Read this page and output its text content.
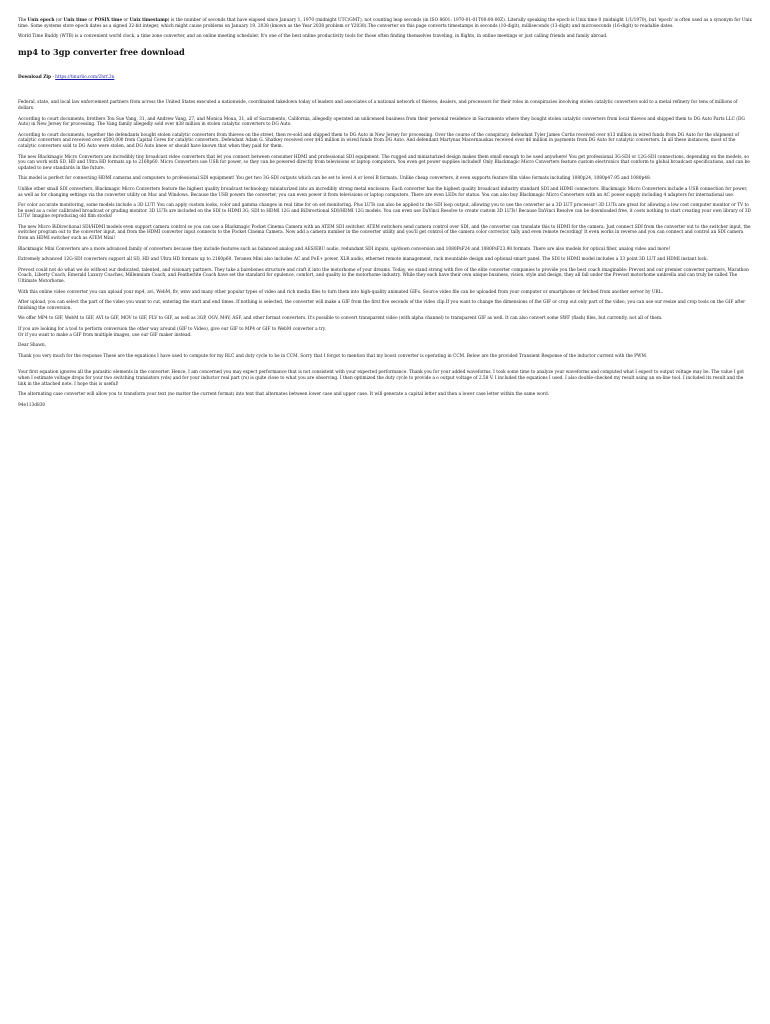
The Unix epoch (or Unix time or POSIX time or Unix timestamp) is the number of seconds that have elapsed since January 1, 1970 (midnight UTC/GMT), not counting leap seconds (in ISO 8601: 1970-01-01T00:00:00Z). Literally speaking the epoch is Unix time 0 (midnight 1/1/1970), but 'epoch' is often used as a synonym for Unix time. Some systems store epoch dates as a signed 32-bit integer, which might cause problems on January 19, 2038 (known as the Year 2038 problem or Y2038).The converter on this page converts timestamps in seconds (10-digit), milliseconds (13-digit) and microseconds (16-digit) to readable dates.

World Time Buddy (WTB) is a convenient world clock, a time zone converter, and an online meeting scheduler. It's one of the best online productivity tools for those often finding themselves traveling, in flights, in online meetings or just calling friends and family abroad.

mp4 to 3gp converter free download
Download Zip - https://tinurlio.com/2hrf.3n

Federal, state, and local law enforcement partners from across the United States executed a nationwide, coordinated takedown today of leaders and associates of a national network of thieves, dealers, and processors for their roles in conspiracies involving stolen catalytic converters sold to a metal refinery for tens of millions of dollars.

According to court documents, brothers Tou Sue Vang, 31, and Andrew Vang, 27, and Monica Moua, 31, all of Sacramento, California, allegedly operated an unlicensed business from their personal residence in Sacramento where they bought stolen catalytic converters from local thieves and shipped them to DG Auto Parts LLC (DG Auto) in New Jersey for processing. The Vang family allegedly sold over $38 million in stolen catalytic converters to DG Auto.

According to court documents, together the defendants bought stolen catalytic converters from thieves on the street, then re-sold and shipped them to DG Auto in New Jersey for processing. Over the course of the conspiracy, defendant Tyler James Curtis received over $13 million in wired funds from DG Auto for the shipment of catalytic converters and received over $500,000 from Capital Cores for catalytic converters. Defendant Adam G. Shatkey received over $45 million in wired funds from DG Auto. And defendant Martynas Macernauskas received over $6 million in payments from DG Auto for catalytic converters. In all these instances, most of the catalytic converters sold to DG Auto were stolen, and DG Auto knew or should have known that when they paid for them.

The new Blackmagic Micro Converters are incredibly tiny broadcast video converters that let you connect between consumer HDMI and professional SDI equipment. The rugged and miniaturized design makes them small enough to be used anywhere! You get professional 3G-SDI or 12G-SDI connections, depending on the models, so you can work with SD, HD and Ultra HD formats up to 2160p60. Micro Converters use USB for power, so they can be powered directly from televisions or laptop computers. You even get power supplies included! Only Blackmagic Micro Converters feature custom electronics that conform to global broadcast specifications, and can be updated to new standards in the future.

This model is perfect for connecting HDMI cameras and computers to professional SDI equipment! You get two 3G-SDI outputs which can be set to level A or level B formats. Unlike cheap converters, it even supports feature film video formats including 1080p24, 1080p47.95 and 1080p48.

Unlike other small SDI converters, Blackmagic Micro Converters feature the highest quality broadcast technology, miniaturized into an incredibly strong metal enclosure. Each converter has the highest quality broadcast industry standard SDI and HDMI connectors. Blackmagic Micro Converters include a USB connection for power, as well as for changing settings via the converter utility on Mac and Windows. Because the USB powers the converter, you can even power it from televisions or laptop computers. There are even LEDs for status. You can also buy Blackmagic Micro Converters with an AC power supply including 4 adapters for international use.

For color accurate monitoring, some models include a 3D LUT! You can apply custom looks, color and gamma changes in real time for on set monitoring. Plus LUTs can also be applied to the SDI loop output, allowing you to use the converter as a 3D LUT processor! 3D LUTs are great for allowing a low cost computer monitor or TV to be used as a color calibrated broadcast or grading monitor. 3D LUTs are included on the SDI to HDMI 3G, SDI to HDMI 12G and BiDirectional SDI/HDMI 12G models. You can even use DaVinci Resolve to create custom 3D LUTs! Because DaVinci Resolve can be downloaded free, it costs nothing to start creating your own library of 3D LUTs! Imagine reproducing old film stocks!

The new Micro BiDirectional SDI/HDMI models even support camera control so you can use a Blackmagic Pocket Cinema Camera with an ATEM SDI switcher. ATEM switchers send camera control over SDI, and the converter can translate this to HDMI for the camera. Just connect SDI from the converter out to the switcher input, the switcher program out to the converter input, and from the HDMI converter input connects to the Pocket Cinema Camera. Now add a camera number in the converter utility and you'll get control of the camera color corrector, tally and even remote recording! It even works in reverse and you can connect and control an SDI camera from an HDMI switcher such as ATEM Mini!

Blackmagic Mini Converters are a more advanced family of converters because they include features such as balanced analog and AES/EBU audio, redundant SDI inputs, up/down conversion and 1080PsF24 and 1080PsF23.98 formats. There are also models for optical fiber, analog video and more!

Extremely advanced 12G-SDI converters support all SD, HD and Ultra HD formats up to 2160p60. Teranex Mini also includes AC and PoE+ power, XLR audio, ethernet remote management, rack mountable design and optional smart panel. The SDI to HDMI model includes a 33 point 3D LUT and HDMI instant lock.

Prevost could not do what we do without our dedicated, talented, and visionary partners. They take a barebones structure and craft it into the motorhome of your dreams. Today, we stand strong with five of the elite converter companies to provide you the best coach imaginable: Prevost and our premier converter partners, Marathon Coach, Liberty Coach, Emerald Luxury Coaches, Millennium Coach, and Featherlite Coach have set the standard for opulence, comfort, and quality in the motorhome industry. While they each have their own unique business, vision, style and design, they all fall under the Prevost motorhome umbrella and can truly be called The Ultimate Motorhome.

With this online video converter you can upload your mp4, avi, WebM, flv, wmv and many other popular types of video and rich media files to turn them into high-quality animated GIFs. Source video file can be uploaded from your computer or smartphone or fetched from another server by URL.

After upload, you can select the part of the video you want to cut, entering the start and end times. If nothing is selected, the converter will make a GIF from the first five seconds of the video clip.If you want to change the dimensions of the GIF or crop out only part of the video, you can use our resize and crop tools on the GIF after finishing the conversion.

We offer MP4 to GIF, WebM to GIF, AVI to GIF, MOV to GIF, FLV to GIF, as well as 3GP, OGV, M4V, ASF, and other format converters. It's possible to convert transparent video (with alpha channel) to transparent GIF as well. It can also convert some SWF (flash) files, but currently, not all of them.

If you are looking for a tool to perform conversion the other way around (GIF to Video), give our GIF to MP4 or GIF to WebM converter a try.

Or if you want to make a GIF from multiple images, use our GIF maker instead.

Dear Shawn,

Thank you very much for the response These are the equations I have used to compute for my RLC and duty cycle to be in CCM. Sorry that I forgot to mention that my boost converter is operating in CCM. Below are the provided Transient Response of the inductor current with the PWM.

Your first equation ignores all the parasitic elements in the converter. Hence, I am concerned you may expect performance that is not consistent with your expected performance. Thank you for your added waveforms. I took some time to analyze your waveforms and computed what I expect to output voltage may be. The value I got when I estimate voltage drops for your two switching transistors (vds) and for your inductor real part (rs) is quite close to what you are observing. I then optimized the duty cycle to provide a o output voltage of 2.58 V. I included the equations I used. I also double-checked my result using an on-line tool. I included its result and the link in the attached note. I hope this is useful!

The alternating case converter will allow you to transform your text (no matter the current format) into text that alternates between lower case and upper case. It will generate a capital letter and then a lower case letter within the same word.

94e113d830
